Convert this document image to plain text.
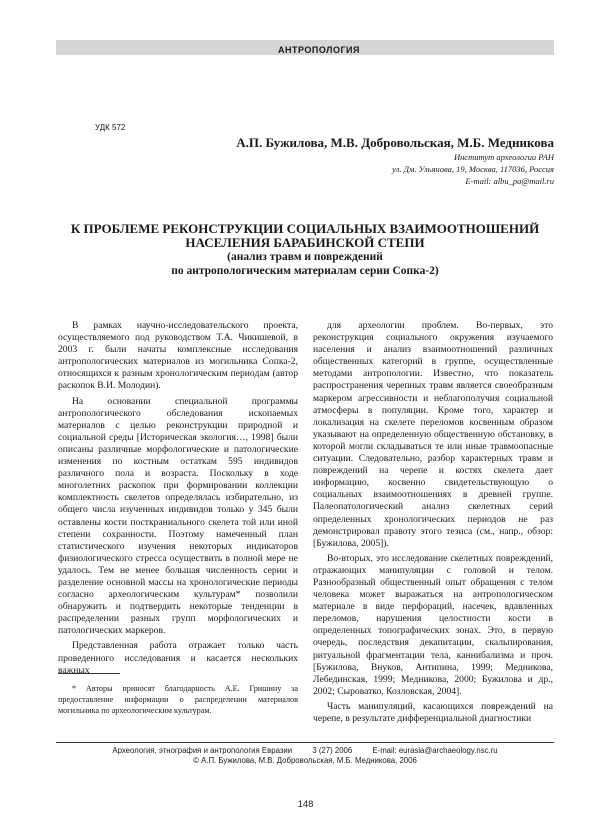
АНТРОПОЛОГИЯ
УДК 572
А.П. Бужилова, М.В. Добровольская, М.Б. Медникова
Институт археологии РАН
ул. Дм. Ульянова, 19, Москва, 117036, Россия
E-mail: albu_pa@mail.ru
К ПРОБЛЕМЕ РЕКОНСТРУКЦИИ СОЦИАЛЬНЫХ ВЗАИМООТНОШЕНИЙ
НАСЕЛЕНИЯ БАРАБИНСКОЙ СТЕПИ
(анализ травм и повреждений
по антропологическим материалам серии Сопка-2)

В рамках научно-исследовательского проекта, осуществляемого под руководством Т.А. Чикишевой, в 2003 г. были начаты комплексные исследования антропологических материалов из могильника Сопка-2, относящихся к разным хронологическим периодам (автор раскопок В.И. Молодин).

На основании специальной программы антропологического обследования ископаемых материалов с целью реконструкции природной и социальной среды [Историческая экология…, 1998] были описаны различные морфологические и патологические изменения по костным остаткам 595 индивидов различного пола и возраста. Поскольку в ходе многолетних раскопок при формировании коллекции комплектность скелетов определялась избирательно, из общего числа изученных индивидов только у 345 были оставлены кости посткраниального скелета той или иной степени сохранности. Поэтому намеченный план статистического изучения некоторых индикаторов физиологического стресса осуществить в полной мере не удалось. Тем не менее большая численность серии и разделение основной массы на хронологические периоды согласно археологическим культурам* позволили обнаружить и подтвердить некоторые тенденции в распределении разных групп морфологических и патологических маркеров.

Представленная работа отражает только часть проведенного исследования и касается нескольких важных

* Авторы приносят благодарность А.Е. Гришину за предоставление информации о распределении материалов могильника по археологическим культурам.

для археологии проблем. Во-первых, это реконструкция социального окружения изучаемого населения и анализ взаимоотношений различных общественных категорий в группе, осуществленные методами антропологии. Известно, что показатель распространения черепных травм является своеобразным маркером агрессивности и неблагополучия социальной атмосферы в популяции. Кроме того, характер и локализация на скелете переломов косвенным образом указывают на определенную общественную обстановку, в которой могли складываться те или иные травмоопасные ситуации. Следовательно, разбор характерных травм и повреждений на черепе и костях скелета дает информацию, косвенно свидетельствующую о социальных взаимоотношениях в древней группе. Палеопатологический анализ скелетных серий определенных хронологических периодов не раз демонстрировал правоту этого тезиса (см., напр., обзор: [Бужилова, 2005]).

Во-вторых, это исследование скелетных повреждений, отражающих манипуляции с головой и телом. Разнообразный общественный опыт обращения с телом человека может выражаться на антропологическом материале в виде перфораций, насечек, вдавленных переломов, нарушения целостности кости в определенных топографических зонах. Это, в первую очередь, последствия декапитации, скальпирования, ритуальной фрагментации тела, каннибализма и проч. [Бужилова, Внуков, Антипина, 1999; Медникова, Лебединская, 1999; Медникова, 2000; Бужилова и др., 2002; Сыроватко, Козловская, 2004].

Часть манипуляций, касающихся повреждений на черепе, в результате дифференциальной диагностики

Археология, этнография и антропология Евразии	3 (27) 2006	E-mail: eurasia@archaeology.nsc.ru
© А.П. Бужилова, М.В. Добровольская, М.Б. Медникова, 2006
148
